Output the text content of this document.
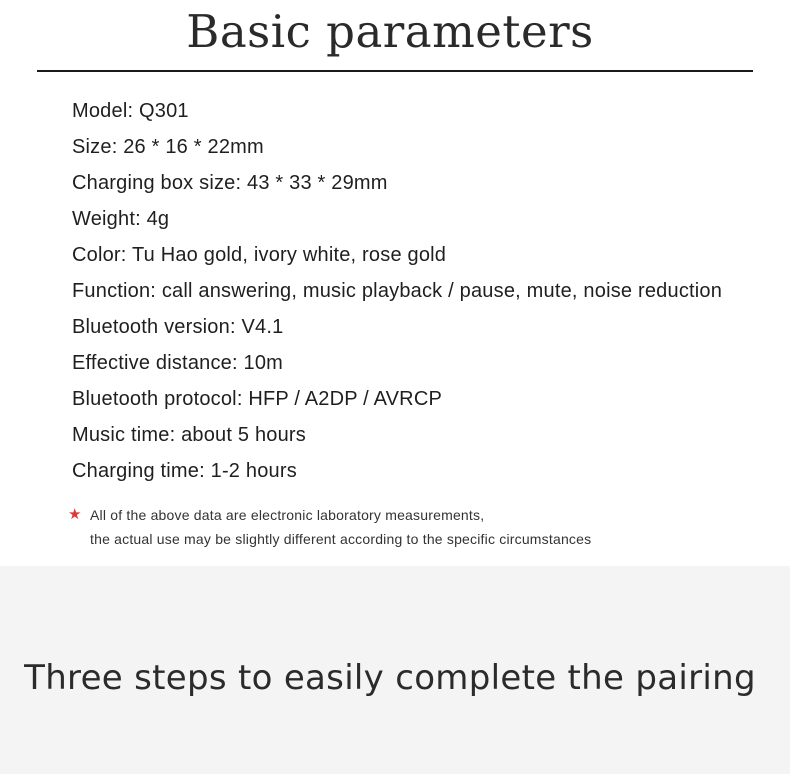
Basic parameters
Model: Q301
Size: 26 * 16 * 22mm
Charging box size: 43 * 33 * 29mm
Weight: 4g
Color: Tu Hao gold, ivory white, rose gold
Function: call answering, music playback / pause, mute, noise reduction
Bluetooth version: V4.1
Effective distance: 10m
Bluetooth protocol: HFP / A2DP / AVRCP
Music time: about 5 hours
Charging time: 1-2 hours
★ All of the above data are electronic laboratory measurements,
the actual use may be slightly different according to the specific circumstances
Three steps to easily complete the pairing
